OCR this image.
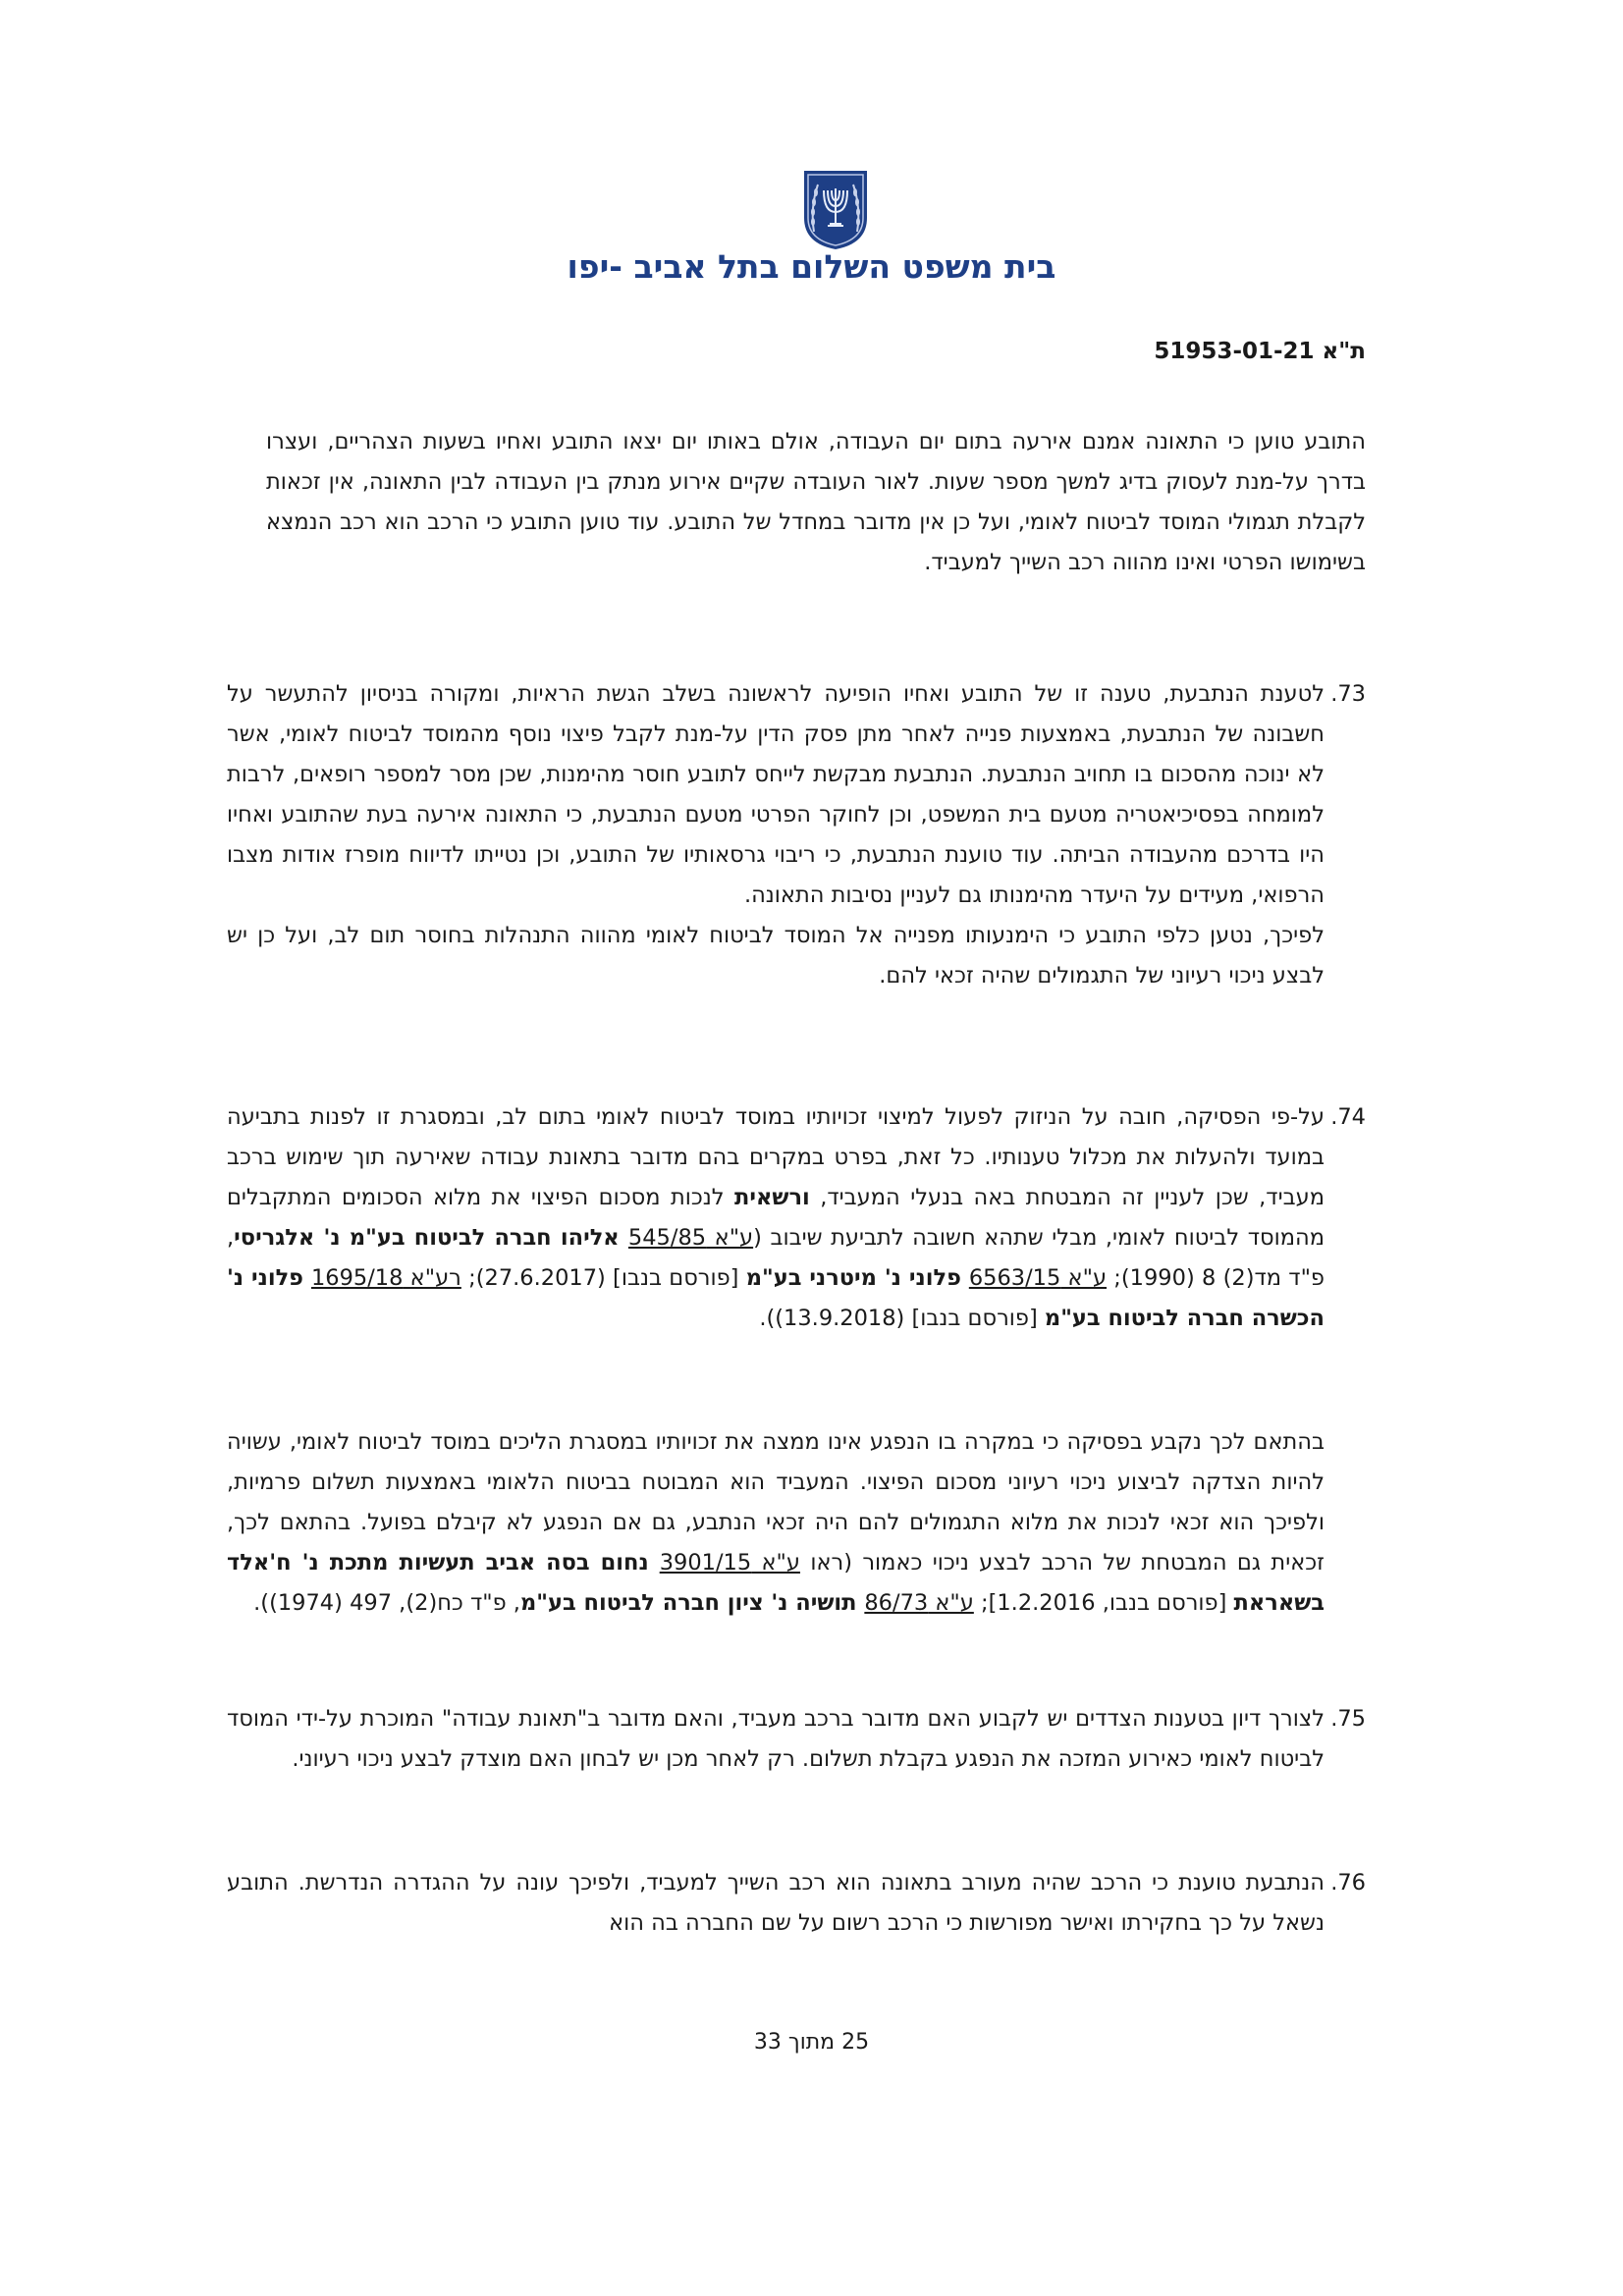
בית משפט השלום בתל אביב -יפו
ת"א 51953-01-21

התובע טוען כי התאונה אמנם אירעה בתום יום העבודה, אולם באותו יום יצאו התובע ואחיו בשעות הצהריים, ועצרו בדרך על-מנת לעסוק בדיג למשך מספר שעות. לאור העובדה שקיים אירוע מנתק בין העבודה לבין התאונה, אין זכאות לקבלת תגמולי המוסד לביטוח לאומי, ועל כן אין מדובר במחדל של התובע. עוד טוען התובע כי הרכב הוא רכב הנמצא בשימושו הפרטי ואינו מהווה רכב השייך למעביד.

73.

לטענת הנתבעת, טענה זו של התובע ואחיו הופיעה לראשונה בשלב הגשת הראיות, ומקורה בניסיון להתעשר על חשבונה של הנתבעת, באמצעות פנייה לאחר מתן פסק הדין על-מנת לקבל פיצוי נוסף מהמוסד לביטוח לאומי, אשר לא ינוכה מהסכום בו תחויב הנתבעת. הנתבעת מבקשת לייחס לתובע חוסר מהימנות, שכן מסר למספר רופאים, לרבות למומחה בפסיכיאטריה מטעם בית המשפט, וכן לחוקר הפרטי מטעם הנתבעת, כי התאונה אירעה בעת שהתובע ואחיו היו בדרכם מהעבודה הביתה. עוד טוענת הנתבעת, כי ריבוי גרסאותיו של התובע, וכן נטייתו לדיווח מופרז אודות מצבו הרפואי, מעידים על היעדר מהימנותו גם לעניין נסיבות התאונה.

לפיכך, נטען כלפי התובע כי הימנעותו מפנייה אל המוסד לביטוח לאומי מהווה התנהלות בחוסר תום לב, ועל כן יש לבצע ניכוי רעיוני של התגמולים שהיה זכאי להם.

74.

על-פי הפסיקה, חובה על הניזוק לפעול למיצוי זכויותיו במוסד לביטוח לאומי בתום לב, ובמסגרת זו לפנות בתביעה במועד ולהעלות את מכלול טענותיו. כל זאת, בפרט במקרים בהם מדובר בתאונת עבודה שאירעה תוך שימוש ברכב מעביד, שכן לעניין זה המבטחת באה בנעלי המעביד, ורשאית לנכות מסכום הפיצוי את מלוא הסכומים המתקבלים מהמוסד לביטוח לאומי, מבלי שתהא חשובה לתביעת שיבוב (ע"א 545/85 אליהו חברה לביטוח בע"מ נ' אלגריסי, פ"ד מד(2) 8 (1990); ע"א 6563/15 פלוני נ' מיטרני בע"מ [פורסם בנבו] (27.6.2017); רע"א 1695/18 פלוני נ' הכשרה חברה לביטוח בע"מ [פורסם בנבו] (13.9.2018)).

בהתאם לכך נקבע בפסיקה כי במקרה בו הנפגע אינו ממצה את זכויותיו במסגרת הליכים במוסד לביטוח לאומי, עשויה להיות הצדקה לביצוע ניכוי רעיוני מסכום הפיצוי. המעביד הוא המבוטח בביטוח הלאומי באמצעות תשלום פרמיות, ולפיכך הוא זכאי לנכות את מלוא התגמולים להם היה זכאי הנתבע, גם אם הנפגע לא קיבלם בפועל. בהתאם לכך, זכאית גם המבטחת של הרכב לבצע ניכוי כאמור (ראו ע"א 3901/15 נחום בסה אביב תעשיות מתכת נ' ח'אלד בשאראת [פורסם בנבו, 1.2.2016]; ע"א 86/73 תושיה נ' ציון חברה לביטוח בע"מ, פ"ד כח(2), 497 (1974)).

75.

לצורך דיון בטענות הצדדים יש לקבוע האם מדובר ברכב מעביד, והאם מדובר ב"תאונת עבודה" המוכרת על-ידי המוסד לביטוח לאומי כאירוע המזכה את הנפגע בקבלת תשלום. רק לאחר מכן יש לבחון האם מוצדק לבצע ניכוי רעיוני.

76.

הנתבעת טוענת כי הרכב שהיה מעורב בתאונה הוא רכב השייך למעביד, ולפיכך עונה על ההגדרה הנדרשת. התובע נשאל על כך בחקירתו ואישר מפורשות כי הרכב רשום על שם החברה בה הוא

25 מתוך 33
